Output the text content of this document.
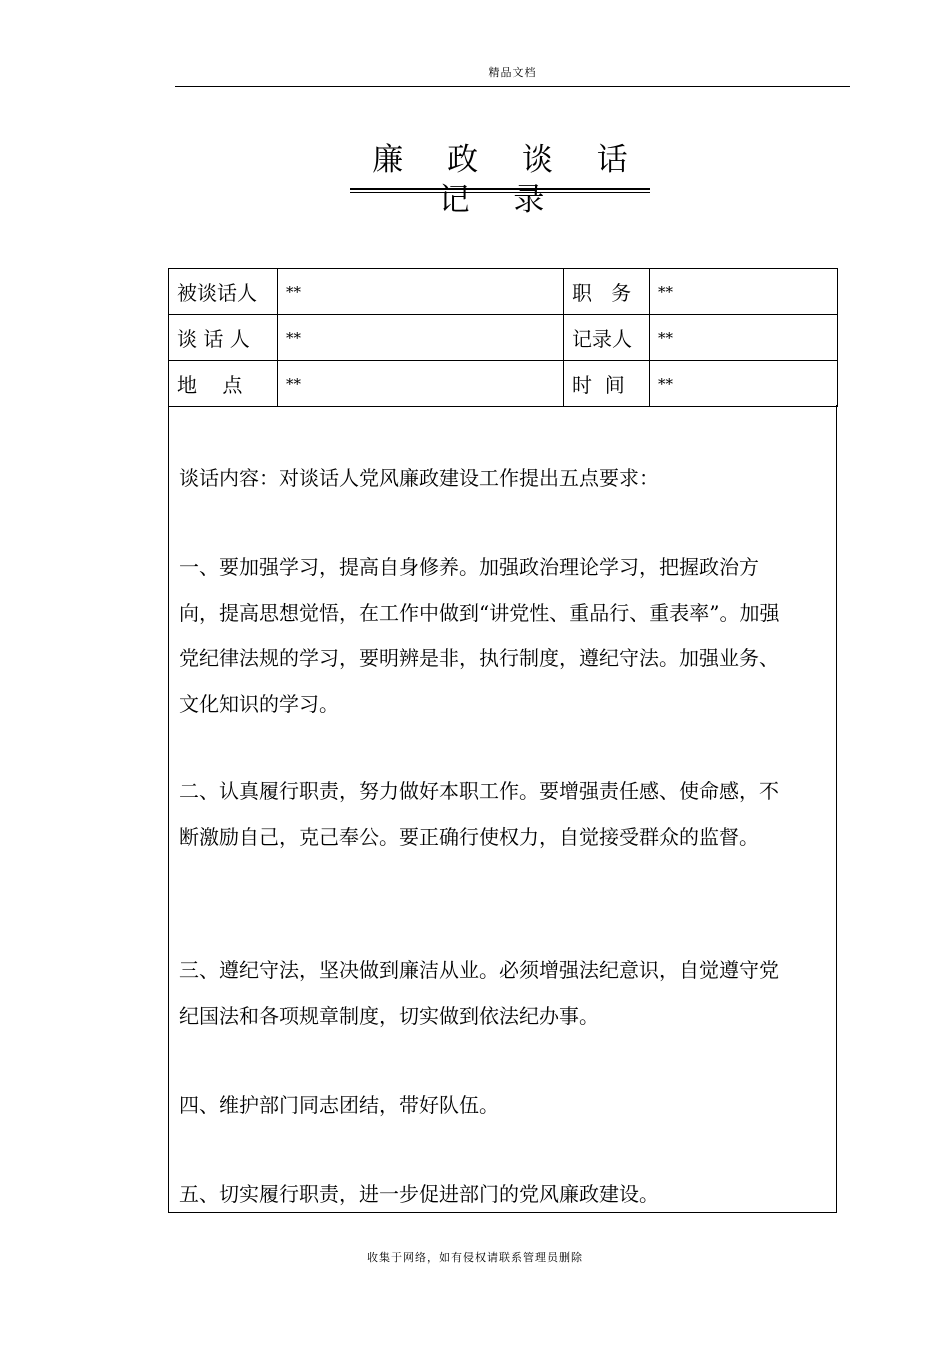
精品文档
廉 政 谈 话 记 录
被谈话人	**	职   务	**
谈 话 人	**	记录人	**
地    点	**	时  间	**

谈话内容：对谈话人党风廉政建设工作提出五点要求：

一、要加强学习，提高自身修养。加强政治理论学习，把握政治方向，提高思想觉悟，在工作中做到“讲党性、重品行、重表率”。加强党纪律法规的学习，要明辨是非，执行制度，遵纪守法。加强业务、文化知识的学习。

二、认真履行职责，努力做好本职工作。要增强责任感、使命感，不断激励自己，克己奉公。要正确行使权力，自觉接受群众的监督。

三、遵纪守法，坚决做到廉洁从业。必须增强法纪意识，自觉遵守党纪国法和各项规章制度，切实做到依法纪办事。

四、维护部门同志团结，带好队伍。

五、切实履行职责，进一步促进部门的党风廉政建设。

收集于网络，如有侵权请联系管理员删除
